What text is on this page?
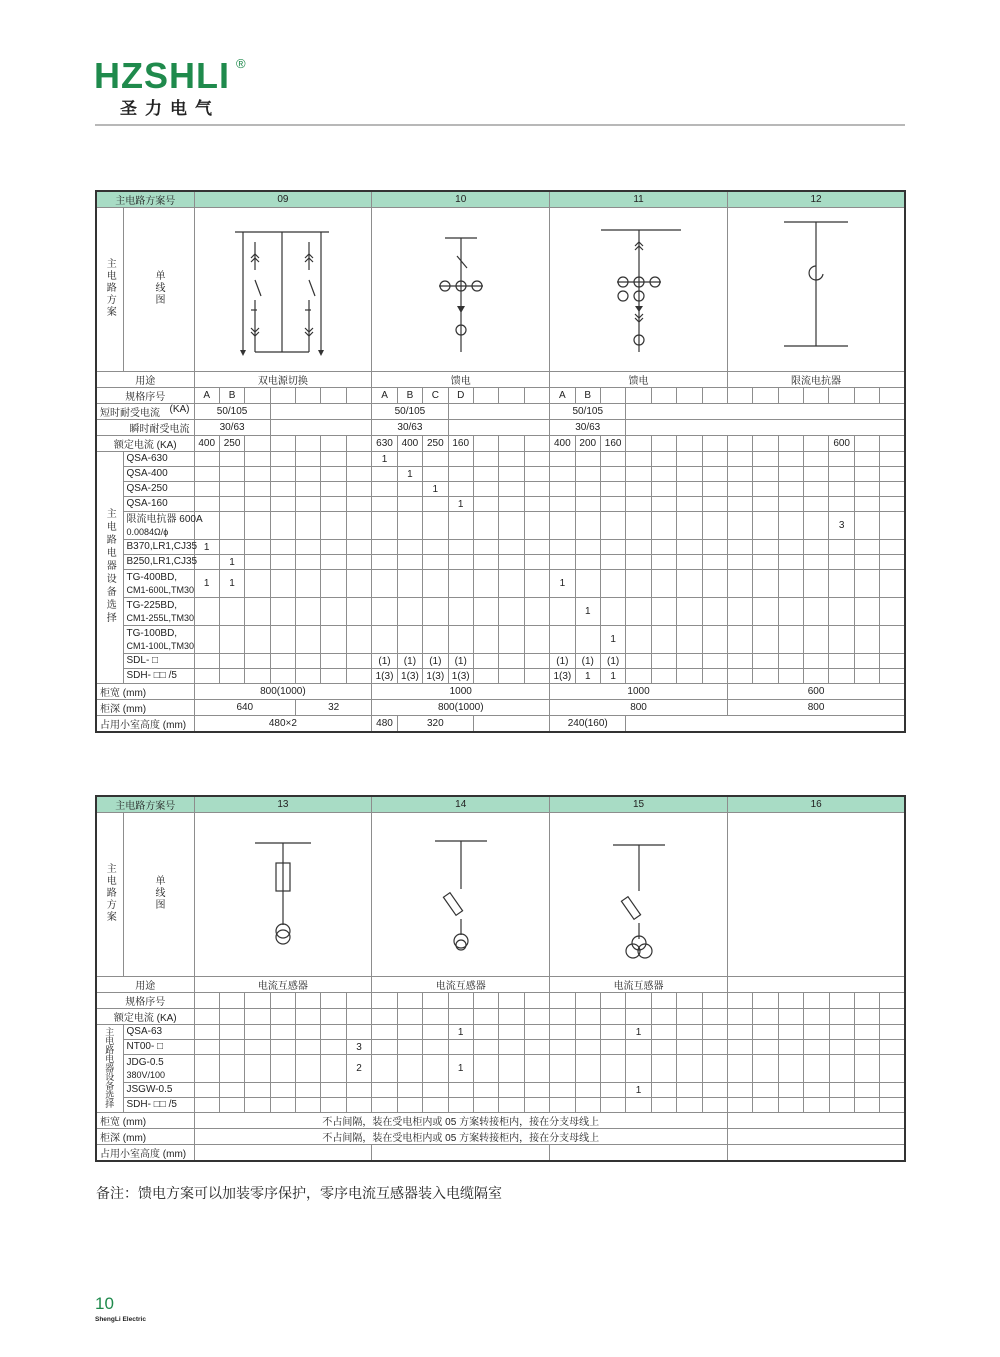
HZSHLI ®
圣力电气
主电路方案号		09							10							11							12						
主电路方案	单线图	

用途		双电源切换							馈电							馈电							限流电抗器						
规格序号		A	B						A	B	C	D				A	B												
短时耐受电流 (KA)		50/105							50/105							50/105													
瞬时耐受电流		30/63							30/63							30/63													
额定电流 (KA)		400	250						630	400	250	160				400	200	160									600		
主电路电器设备选择	QSA-630								1																				

	QSA-400									1																			

	QSA-250										1																		

	QSA-160											1																	

	限流电抗器 600A
0.0084Ω/ϕ																										3		

	B370,LR1,CJ35	1																											

	B250,LR1,CJ35		1																										

	TG-400BD,
CM1-600L,TM30	1	1													1													

	TG-225BD,
CM1-255L,TM30																1												

	TG-100BD,
CM1-100L,TM30																	1											

	SDL- □								(1)	(1)	(1)	(1)				(1)	(1)	(1)											

	SDH- □□ /5								1(3)	1(3)	1(3)	1(3)				1(3)	1	1											
柜宽 (mm)		800(1000)							1000							1000							600						
柜深 (mm)		640				32			800(1000)							800							800						
占用小室高度 (mm)		480×2							480	320						240(160)													
主电路方案号		13							14							15							16						
主电路方案	单线图	

用途		电流互感器							电流互感器							电流互感器													
规格序号																													
额定电流 (KA)																													
主电路电器设备选择	QSA-63											1							1										

	NT00- □							3																					

	JDG-0.5
380V/100							2				1																	

	JSGW-0.5																		1										

	SDH- □□ /5																												

柜宽 (mm)		不占间隔，装在受电柜内或 05 方案转接柜内，接在分支母线上																											
柜深 (mm)		不占间隔，装在受电柜内或 05 方案转接柜内，接在分支母线上																											
占用小室高度 (mm)																													
备注：馈电方案可以加装零序保护，零序电流互感器装入电缆隔室
10
ShengLi Electric
